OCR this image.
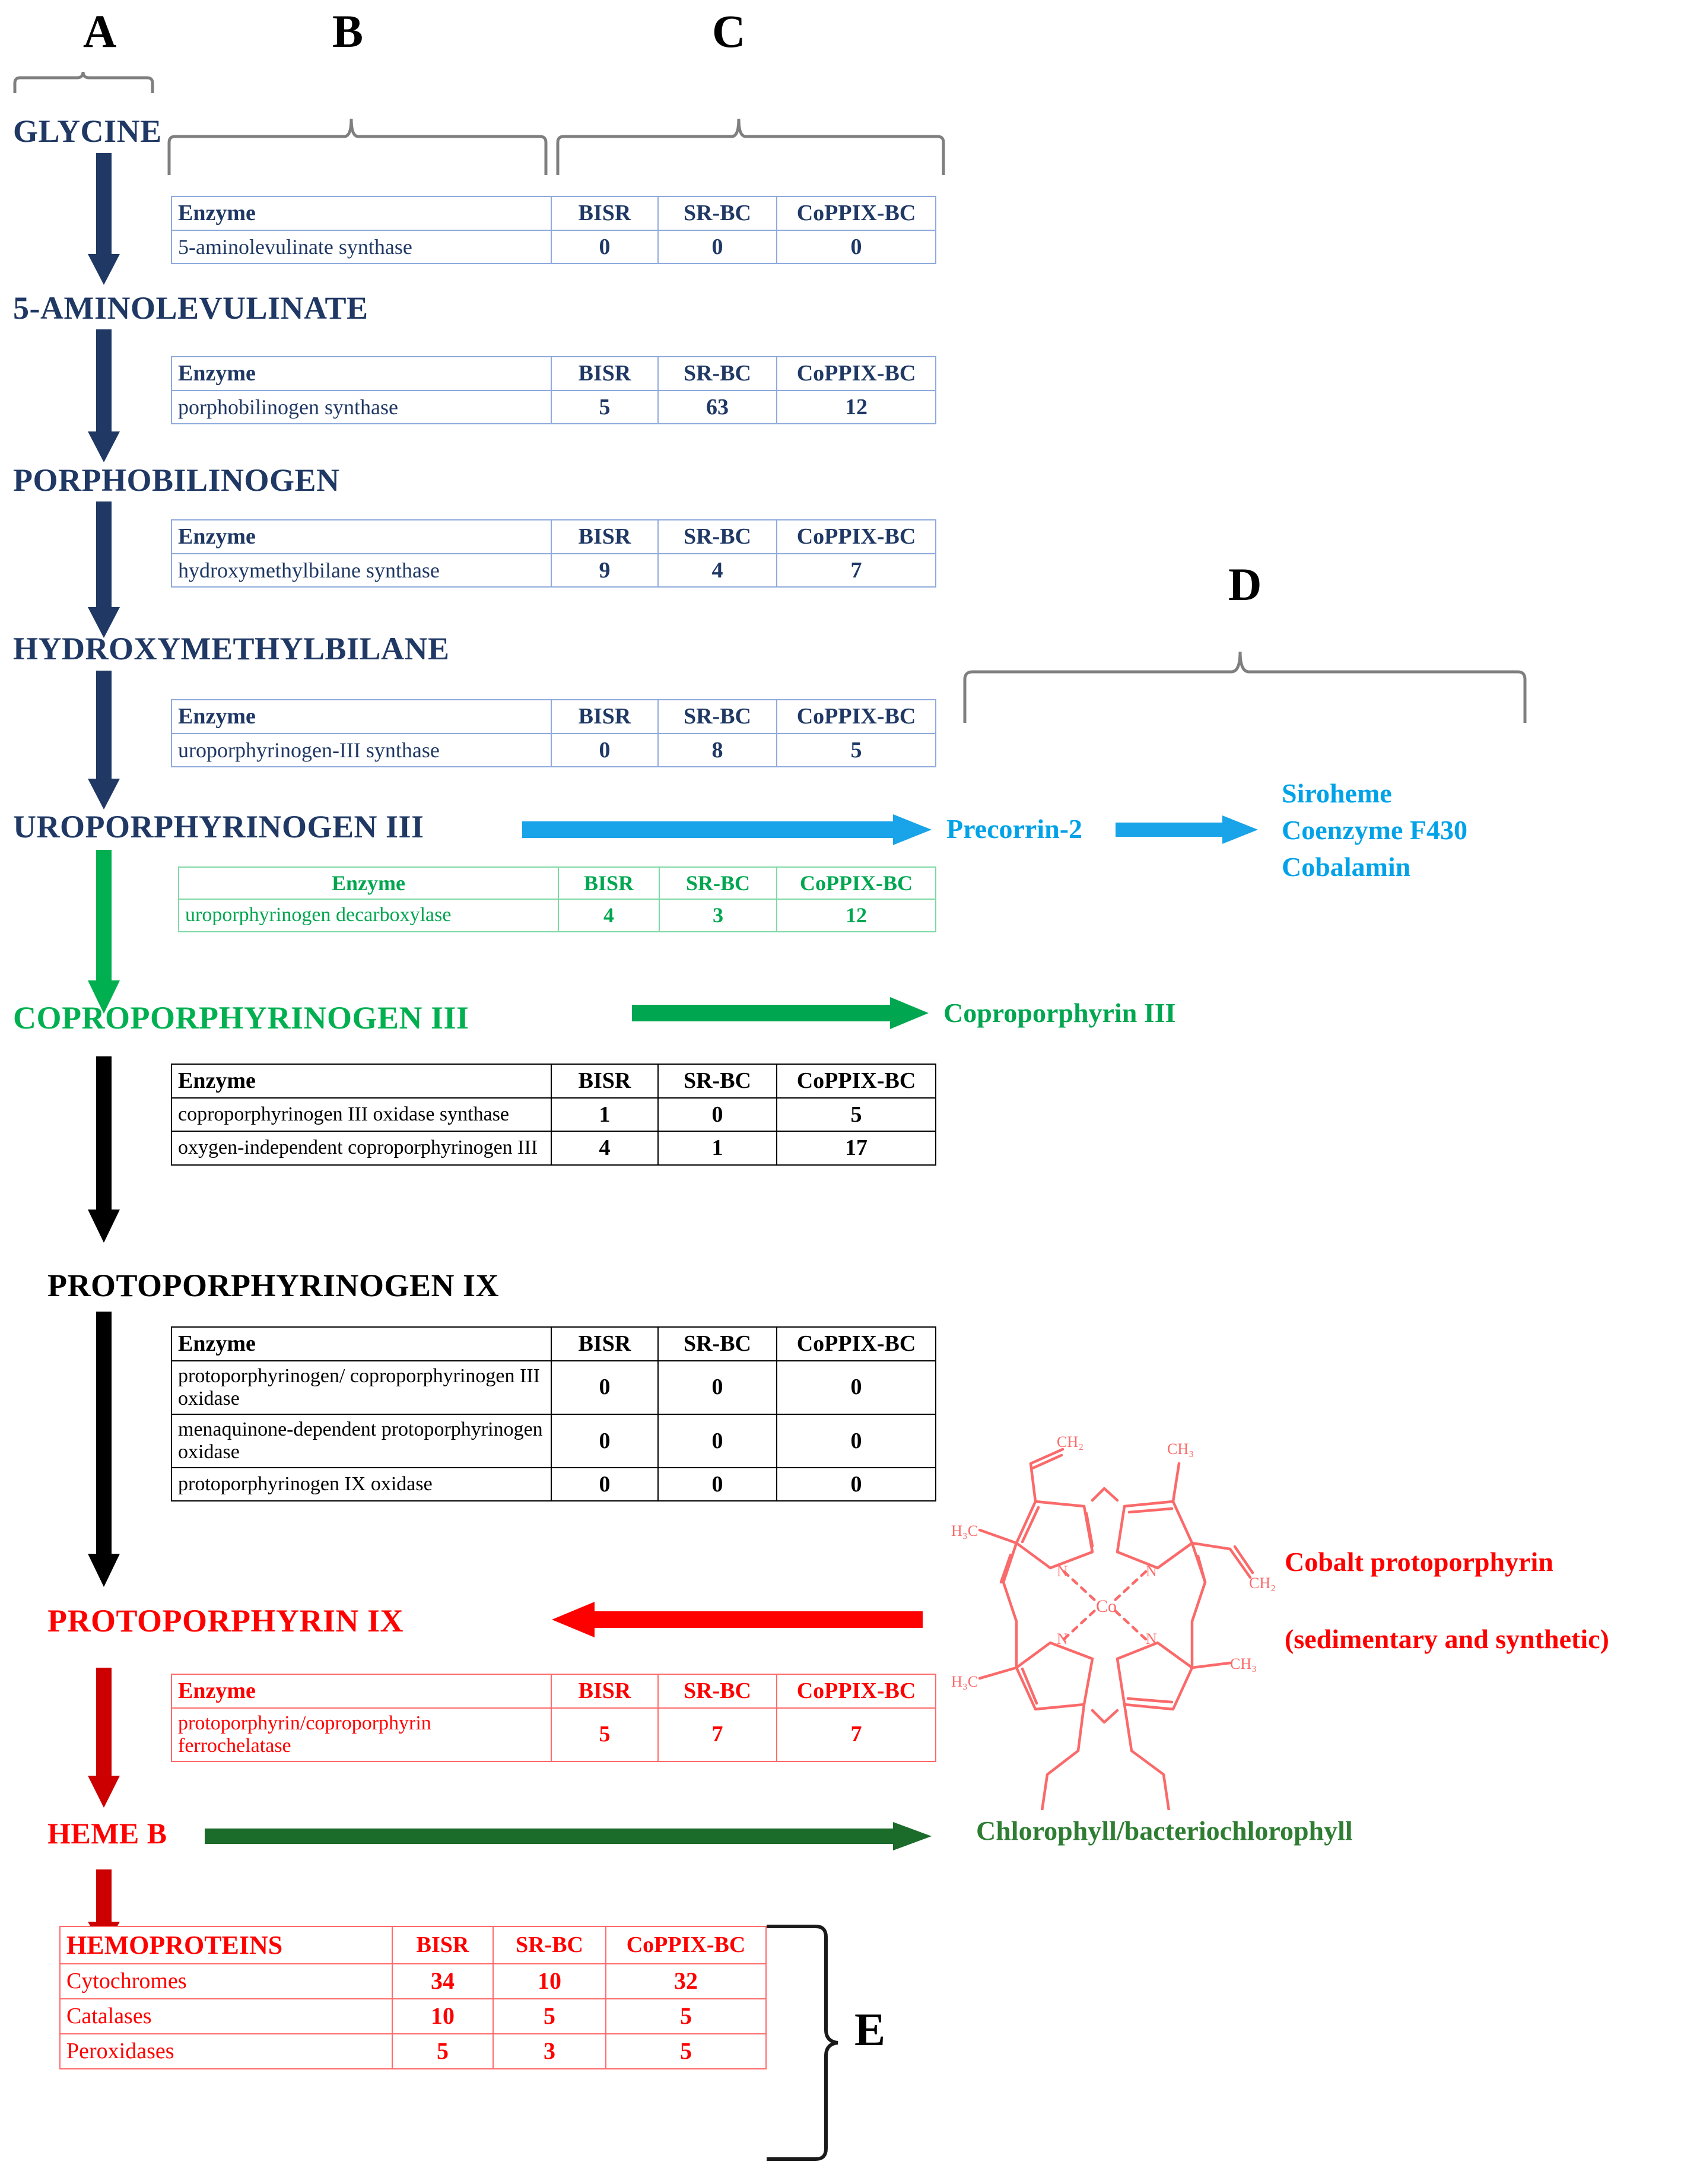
A	B	C
D
E
GLYCINE
5-AMINOLEVULINATE
PORPHOBILINOGEN
HYDROXYMETHYLBILANE
UROPORPHYRINOGEN III
COPROPORPHYRINOGEN III
PROTOPORPHYRINOGEN IX
PROTOPORPHYRIN IX
HEME B
Precorrin-2
Siroheme
Coenzyme F430
Cobalamin
Coproporphyrin III
Cobalt protoporphyrin
(sedimentary and synthetic)
Chlorophyll/bacteriochlorophyll
N	N
N	N
Co
CH₂	CH₃
H₃C
CH₂
H₃C
CH₃
Enzyme	BISR	SR-BC	CoPPIX-BC
5-aminolevulinate synthase	0	0	0
Enzyme	BISR	SR-BC	CoPPIX-BC
porphobilinogen synthase	5	63	12
Enzyme	BISR	SR-BC	CoPPIX-BC
hydroxymethylbilane synthase	9	4	7
Enzyme	BISR	SR-BC	CoPPIX-BC
uroporphyrinogen-III synthase	0	8	5
Enzyme	BISR	SR-BC	CoPPIX-BC
uroporphyrinogen decarboxylase	4	3	12
Enzyme	BISR	SR-BC	CoPPIX-BC
coproporphyrinogen III oxidase synthase	1	0	5
oxygen-independent coproporphyrinogen III	4	1	17
Enzyme	BISR	SR-BC	CoPPIX-BC
protoporphyrinogen/ coproporphyrinogen III oxidase	0	0	0
menaquinone-dependent protoporphyrinogen oxidase	0	0	0
protoporphyrinogen IX oxidase	0	0	0
Enzyme	BISR	SR-BC	CoPPIX-BC
protoporphyrin/coproporphyrin ferrochelatase	5	7	7
HEMOPROTEINS	BISR	SR-BC	CoPPIX-BC
Cytochromes	34	10	32
Catalases	10	5	5
Peroxidases	5	3	5
